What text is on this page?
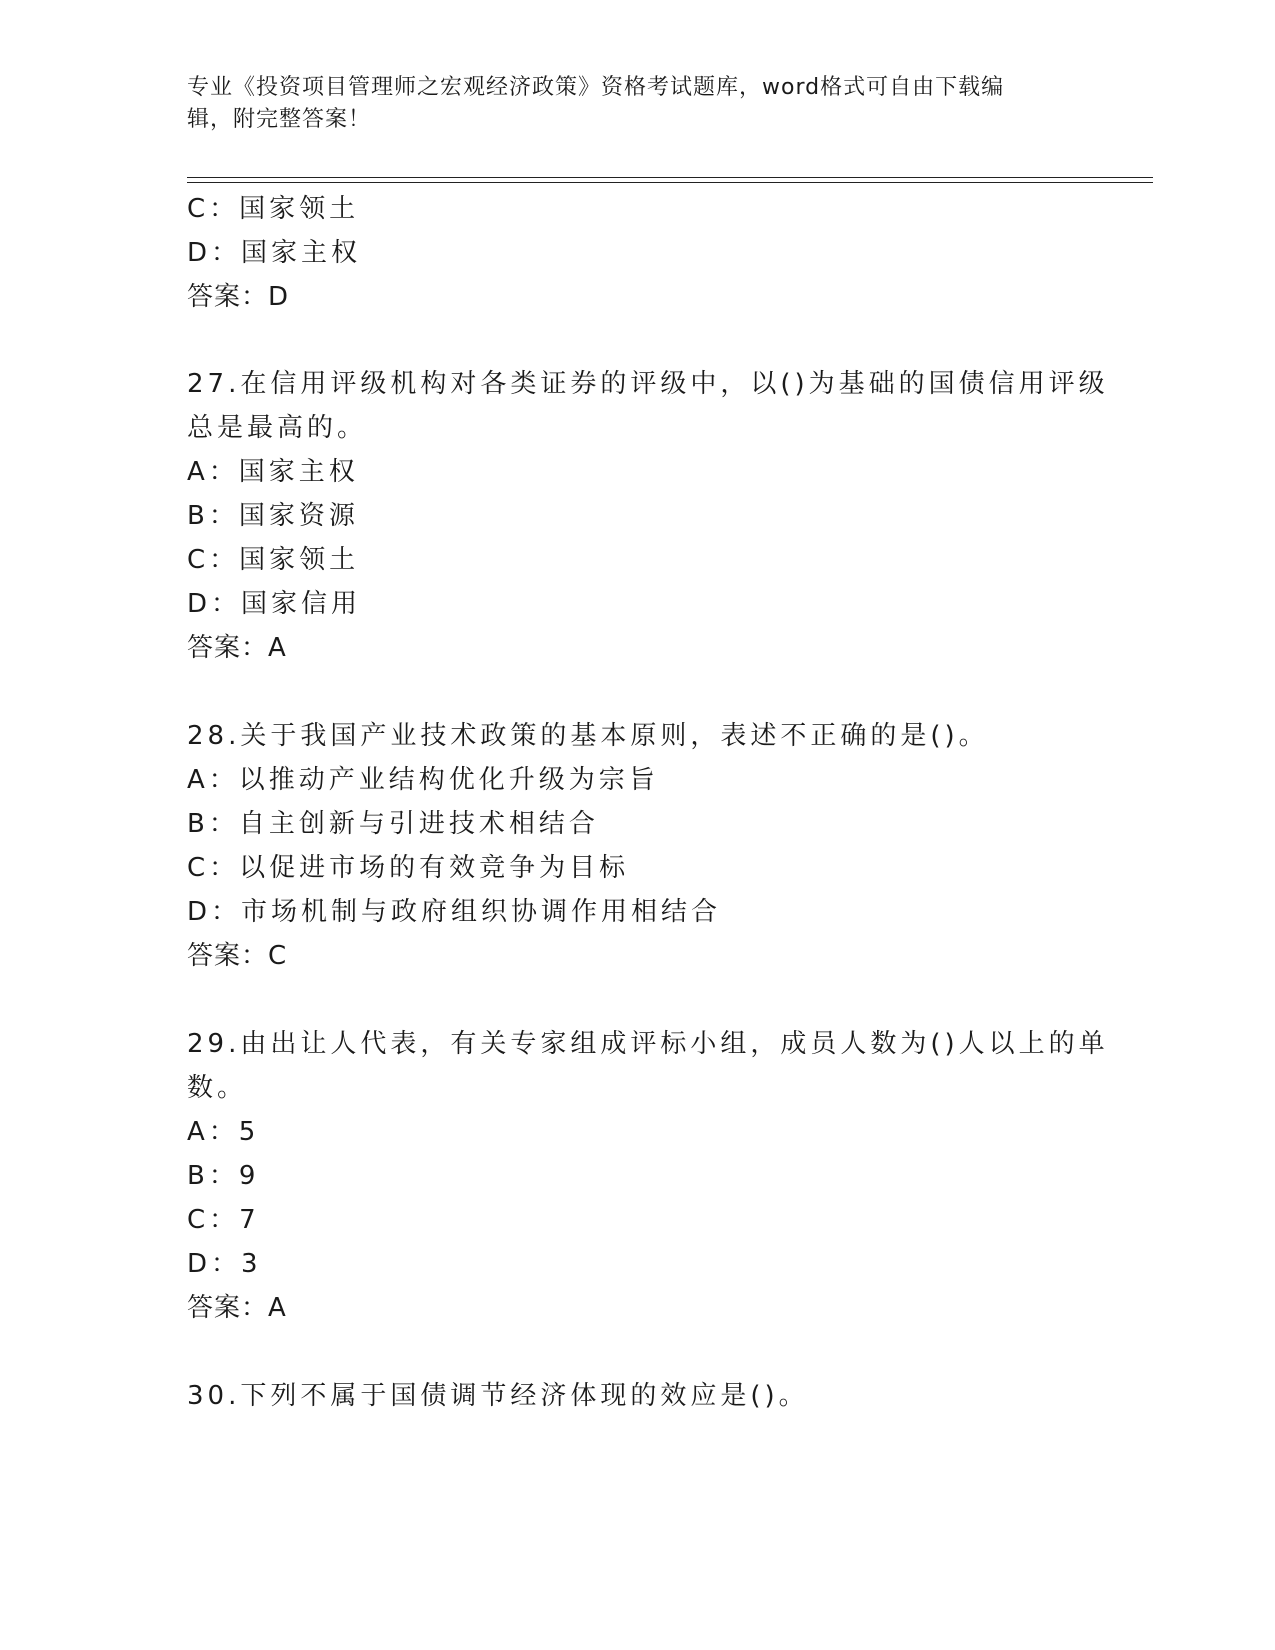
专业《投资项目管理师之宏观经济政策》资格考试题库，word格式可自由下载编
辑，附完整答案！
C：国家领土
D：国家主权
答案：D
27.在信用评级机构对各类证券的评级中，以()为基础的国债信用评级
总是最高的。
A：国家主权
B：国家资源
C：国家领土
D：国家信用
答案：A
28.关于我国产业技术政策的基本原则，表述不正确的是()。
A：以推动产业结构优化升级为宗旨
B：自主创新与引进技术相结合
C：以促进市场的有效竞争为目标
D：市场机制与政府组织协调作用相结合
答案：C
29.由出让人代表，有关专家组成评标小组，成员人数为()人以上的单
数。
A：5
B：9
C：7
D：3
答案：A
30.下列不属于国债调节经济体现的效应是()。
